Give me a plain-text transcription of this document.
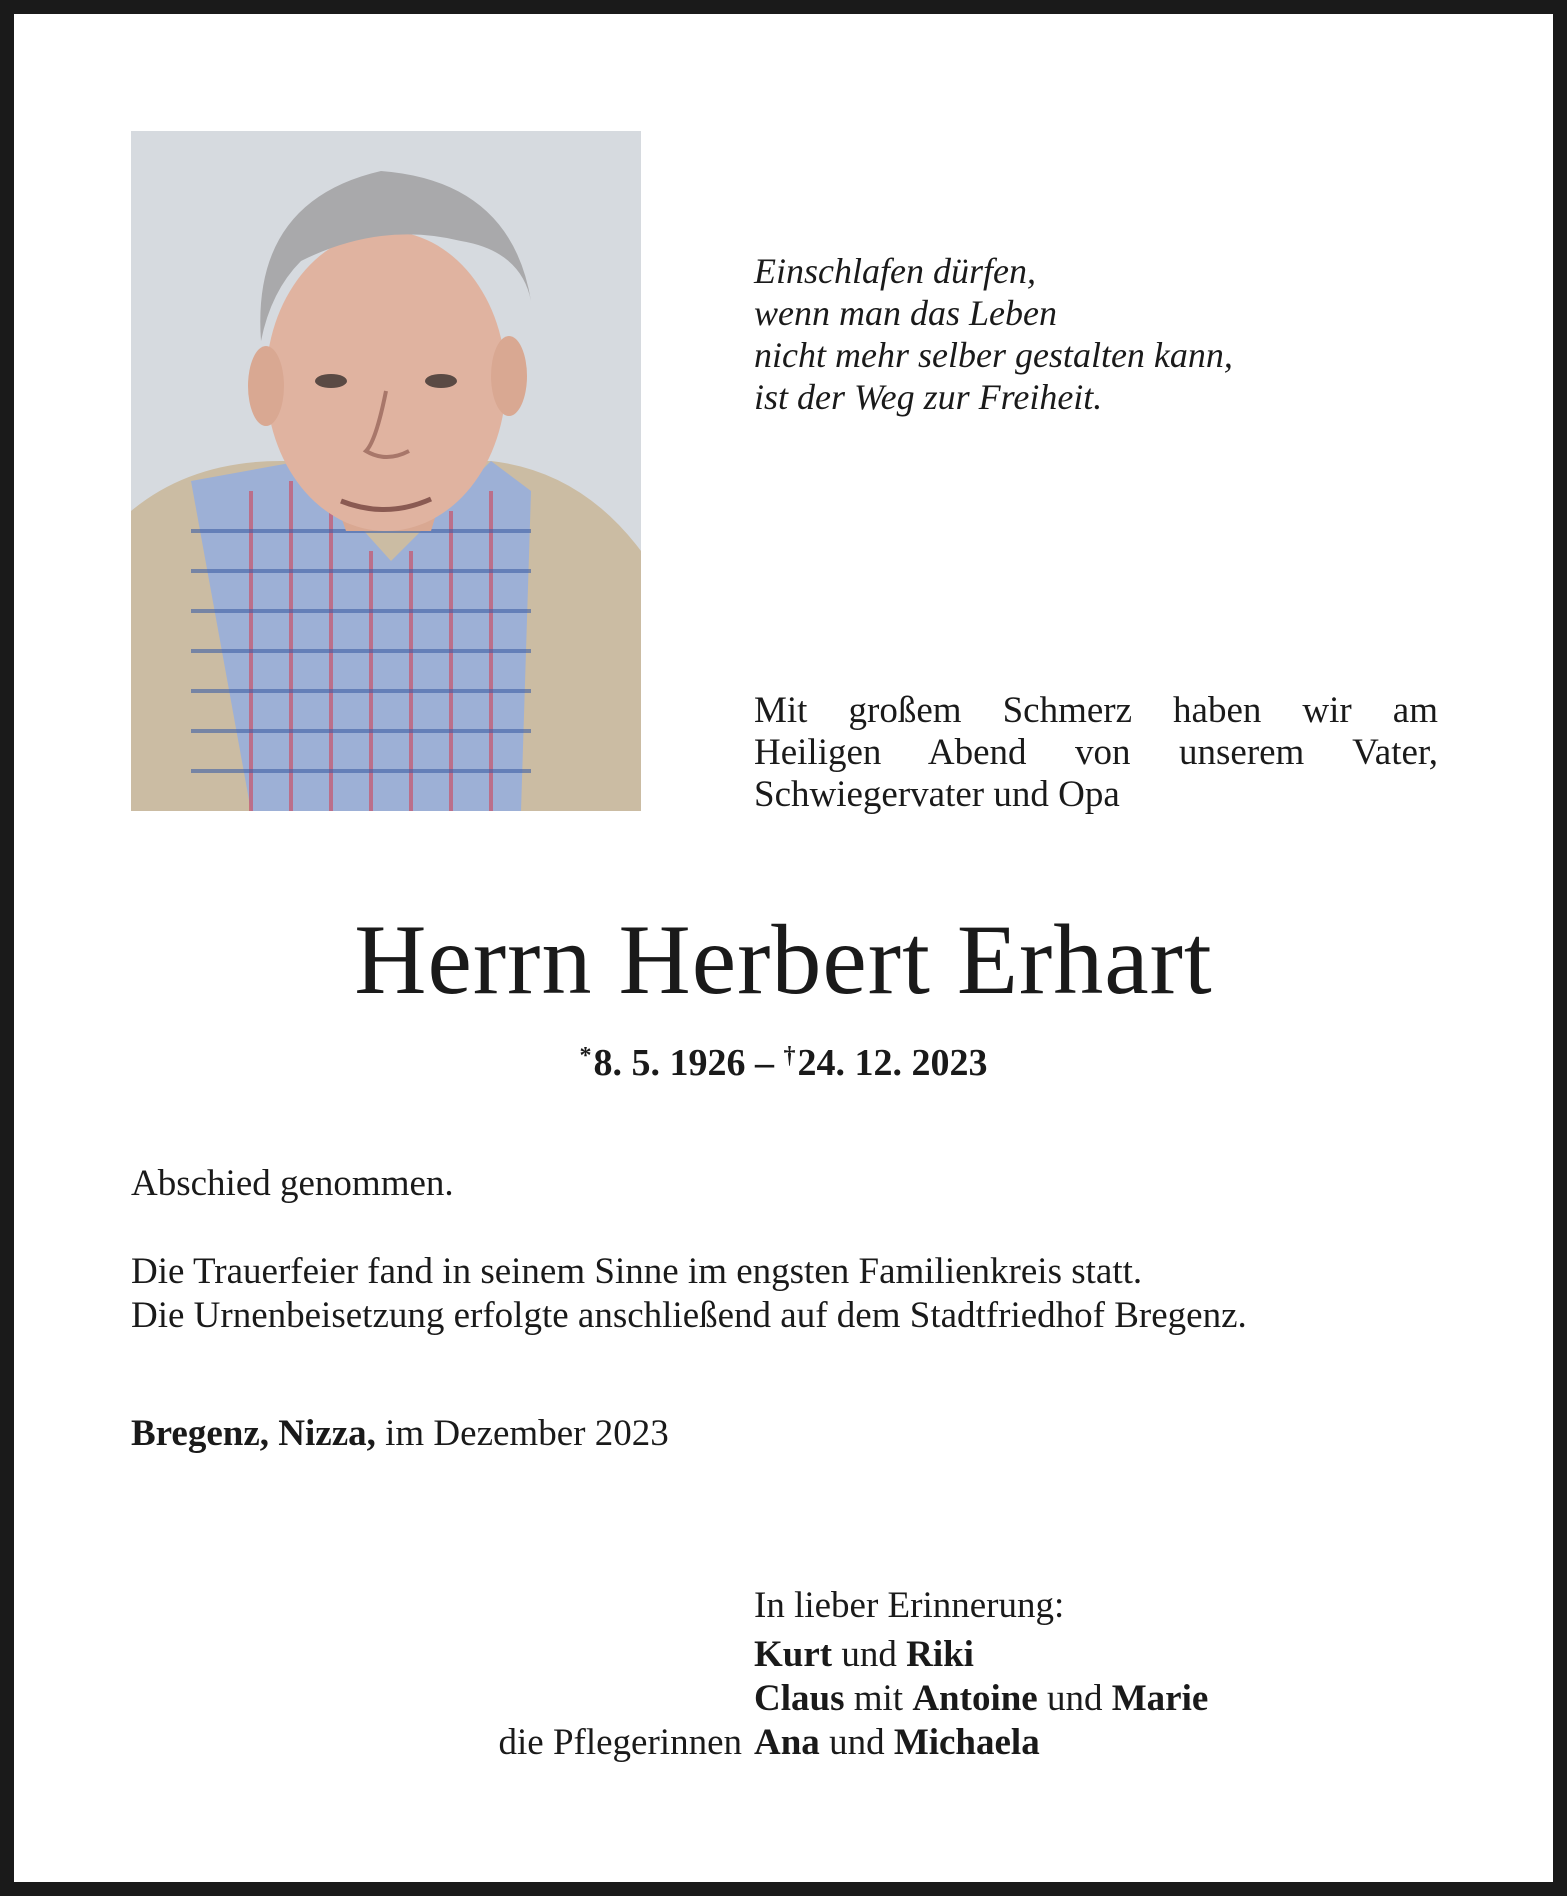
Einschlafen dürfen,
wenn man das Leben
nicht mehr selber gestalten kann,
ist der Weg zur Freiheit.
Mit großem Schmerz haben wir am
Heiligen Abend von unserem Vater,
Schwiegervater und Opa
Herrn Herbert Erhart
*8. 5. 1926 – †24. 12. 2023
Abschied genommen.
Die Trauerfeier fand in seinem Sinne im engsten Familienkreis statt.
Die Urnenbeisetzung erfolgte anschließend auf dem Stadtfriedhof Bregenz.
Bregenz, Nizza, im Dezember 2023
In lieber Erinnerung:
Kurt und Riki
Claus mit Antoine und Marie
die Pflegerinnen Ana und Michaela
